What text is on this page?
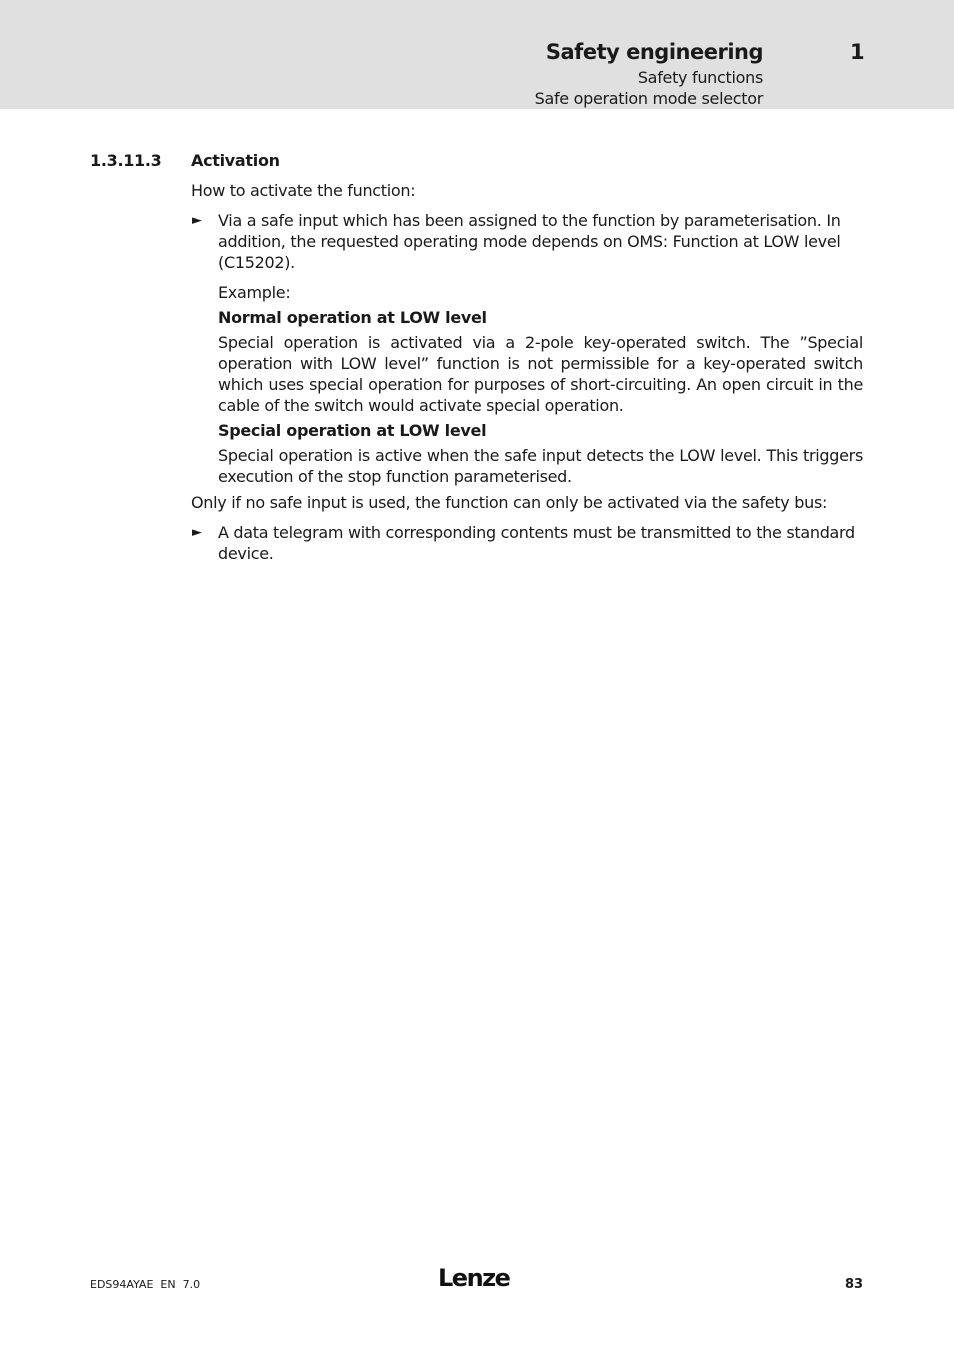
Safety engineering	1
Safety functions
Safe operation mode selector
1.3.11.3 Activation

How to activate the function:

► Via a safe input which has been assigned to the function by parameterisation. In addition, the requested operating mode depends on OMS: Function at LOW level (C15202).

Example:

Normal operation at LOW level

Special operation is activated via a 2-pole key-operated switch. The ”Special operation with LOW level” function is not permissible for a key-operated switch which uses special operation for purposes of short-circuiting. An open circuit in the cable of the switch would activate special operation.

Special operation at LOW level

Special operation is active when the safe input detects the LOW level. This triggers execution of the stop function parameterised.

Only if no safe input is used, the function can only be activated via the safety bus:

► A data telegram with corresponding contents must be transmitted to the standard device.
EDS94AYAE  EN  7.0	Lenze	83
